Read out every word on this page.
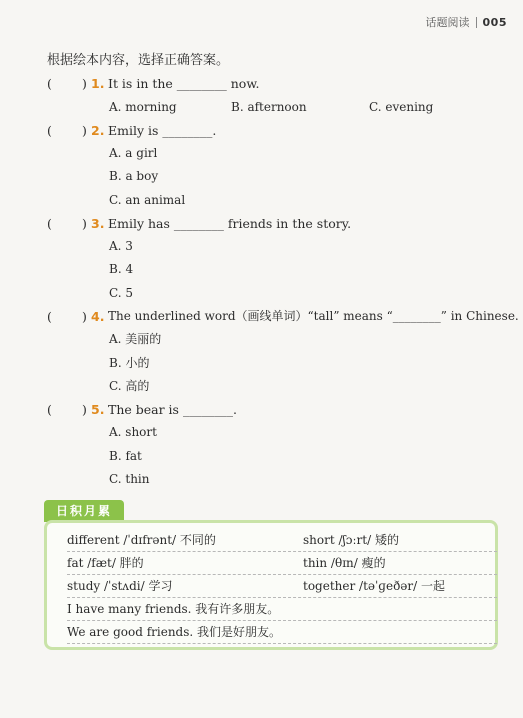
话题阅读 005
根据绘本内容，选择正确答案。
( ) 1. It is in the ________ now.
A. morning	B. afternoon	C. evening
( ) 2. Emily is ________.
A. a girl
B. a boy
C. an animal
( ) 3. Emily has ________ friends in the story.
A. 3
B. 4
C. 5
( ) 4. The underlined word（画线单词）“tall” means “________” in Chinese.
A. 美丽的
B. 小的
C. 高的
( ) 5. The bear is ________.
A. short
B. fat
C. thin
日积月累
different /ˈdɪfrənt/ 不同的	short /ʃɔːrt/ 矮的
fat /fæt/ 胖的	thin /θɪn/ 瘦的
study /ˈstʌdi/ 学习	together /təˈɡeðər/ 一起
I have many friends. 我有许多朋友。
We are good friends. 我们是好朋友。
